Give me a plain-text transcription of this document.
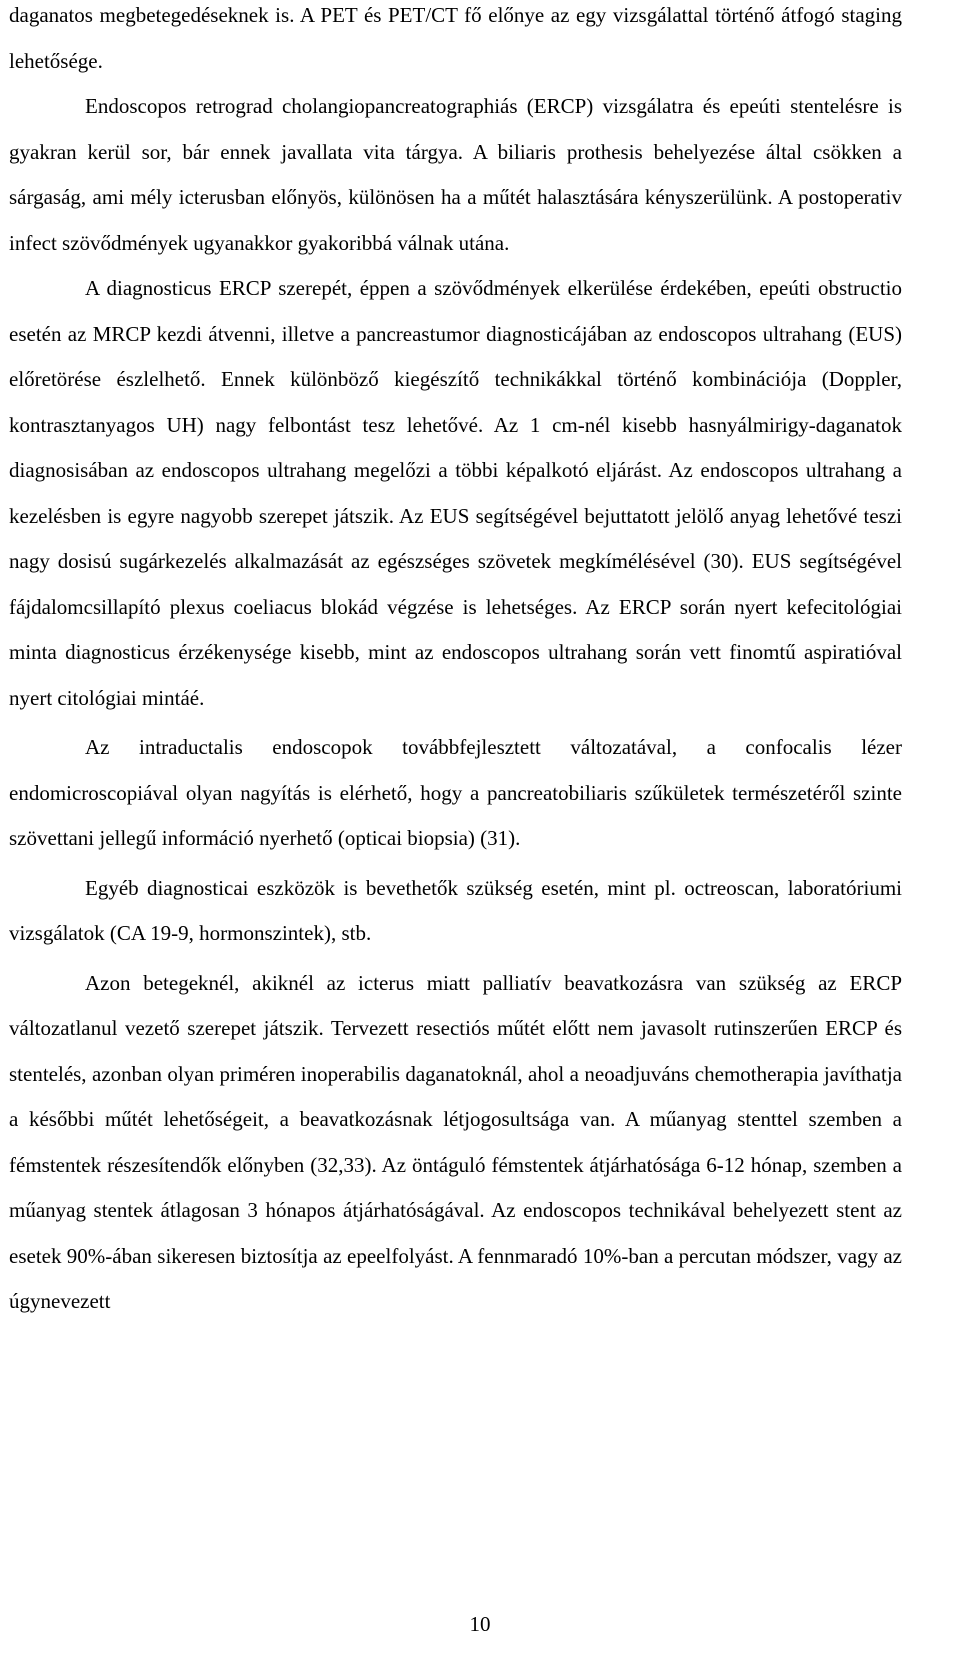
daganatos megbetegedéseknek is. A PET és PET/CT fő előnye az egy vizsgálattal történő átfogó staging lehetősége.

Endoscopos retrograd cholangiopancreatographiás (ERCP) vizsgálatra és epeúti stentelésre is gyakran kerül sor, bár ennek javallata vita tárgya. A biliaris prothesis behelyezése által csökken a sárgaság, ami mély icterusban előnyös, különösen ha a műtét halasztására kényszerülünk. A postoperativ infect szövődmények ugyanakkor gyakoribbá válnak utána.

A diagnosticus ERCP szerepét, éppen a szövődmények elkerülése érdekében, epeúti obstructio esetén az MRCP kezdi átvenni, illetve a pancreastumor diagnosticájában az endoscopos ultrahang (EUS) előretörése észlelhető. Ennek különböző kiegészítő technikákkal történő kombinációja (Doppler, kontrasztanyagos UH) nagy felbontást tesz lehetővé. Az 1 cm-nél kisebb hasnyálmirigy-daganatok diagnosisában az endoscopos ultrahang megelőzi a többi képalkotó eljárást. Az endoscopos ultrahang a kezelésben is egyre nagyobb szerepet játszik. Az EUS segítségével bejuttatott jelölő anyag lehetővé teszi nagy dosisú sugárkezelés alkalmazását az egészséges szövetek megkímélésével (30). EUS segítségével fájdalomcsillapító plexus coeliacus blokád végzése is lehetséges. Az ERCP során nyert kefecitológiai minta diagnosticus érzékenysége kisebb, mint az endoscopos ultrahang során vett finomtű aspiratióval nyert citológiai mintáé.

Az intraductalis endoscopok továbbfejlesztett változatával, a confocalis lézer endomicroscopiával olyan nagyítás is elérhető, hogy a pancreatobiliaris szűkületek természetéről szinte szövettani jellegű információ nyerhető (opticai biopsia) (31).

Egyéb diagnosticai eszközök is bevethetők szükség esetén, mint pl. octreoscan, laboratóriumi vizsgálatok (CA 19-9, hormonszintek), stb.

Azon betegeknél, akiknél az icterus miatt palliatív beavatkozásra van szükség az ERCP változatlanul vezető szerepet játszik. Tervezett resectiós műtét előtt nem javasolt rutinszerűen ERCP és stentelés, azonban olyan priméren inoperabilis daganatoknál, ahol a neoadjuváns chemotherapia javíthatja a későbbi műtét lehetőségeit, a beavatkozásnak létjogosultsága van. A műanyag stenttel szemben a fémstentek részesítendők előnyben (32,33). Az öntáguló fémstentek átjárhatósága 6-12 hónap, szemben a műanyag stentek átlagosan 3 hónapos átjárhatóságával. Az endoscopos technikával behelyezett stent az esetek 90%-ában sikeresen biztosítja az epeelfolyást. A fennmaradó 10%-ban a percutan módszer, vagy az úgynevezett

10
